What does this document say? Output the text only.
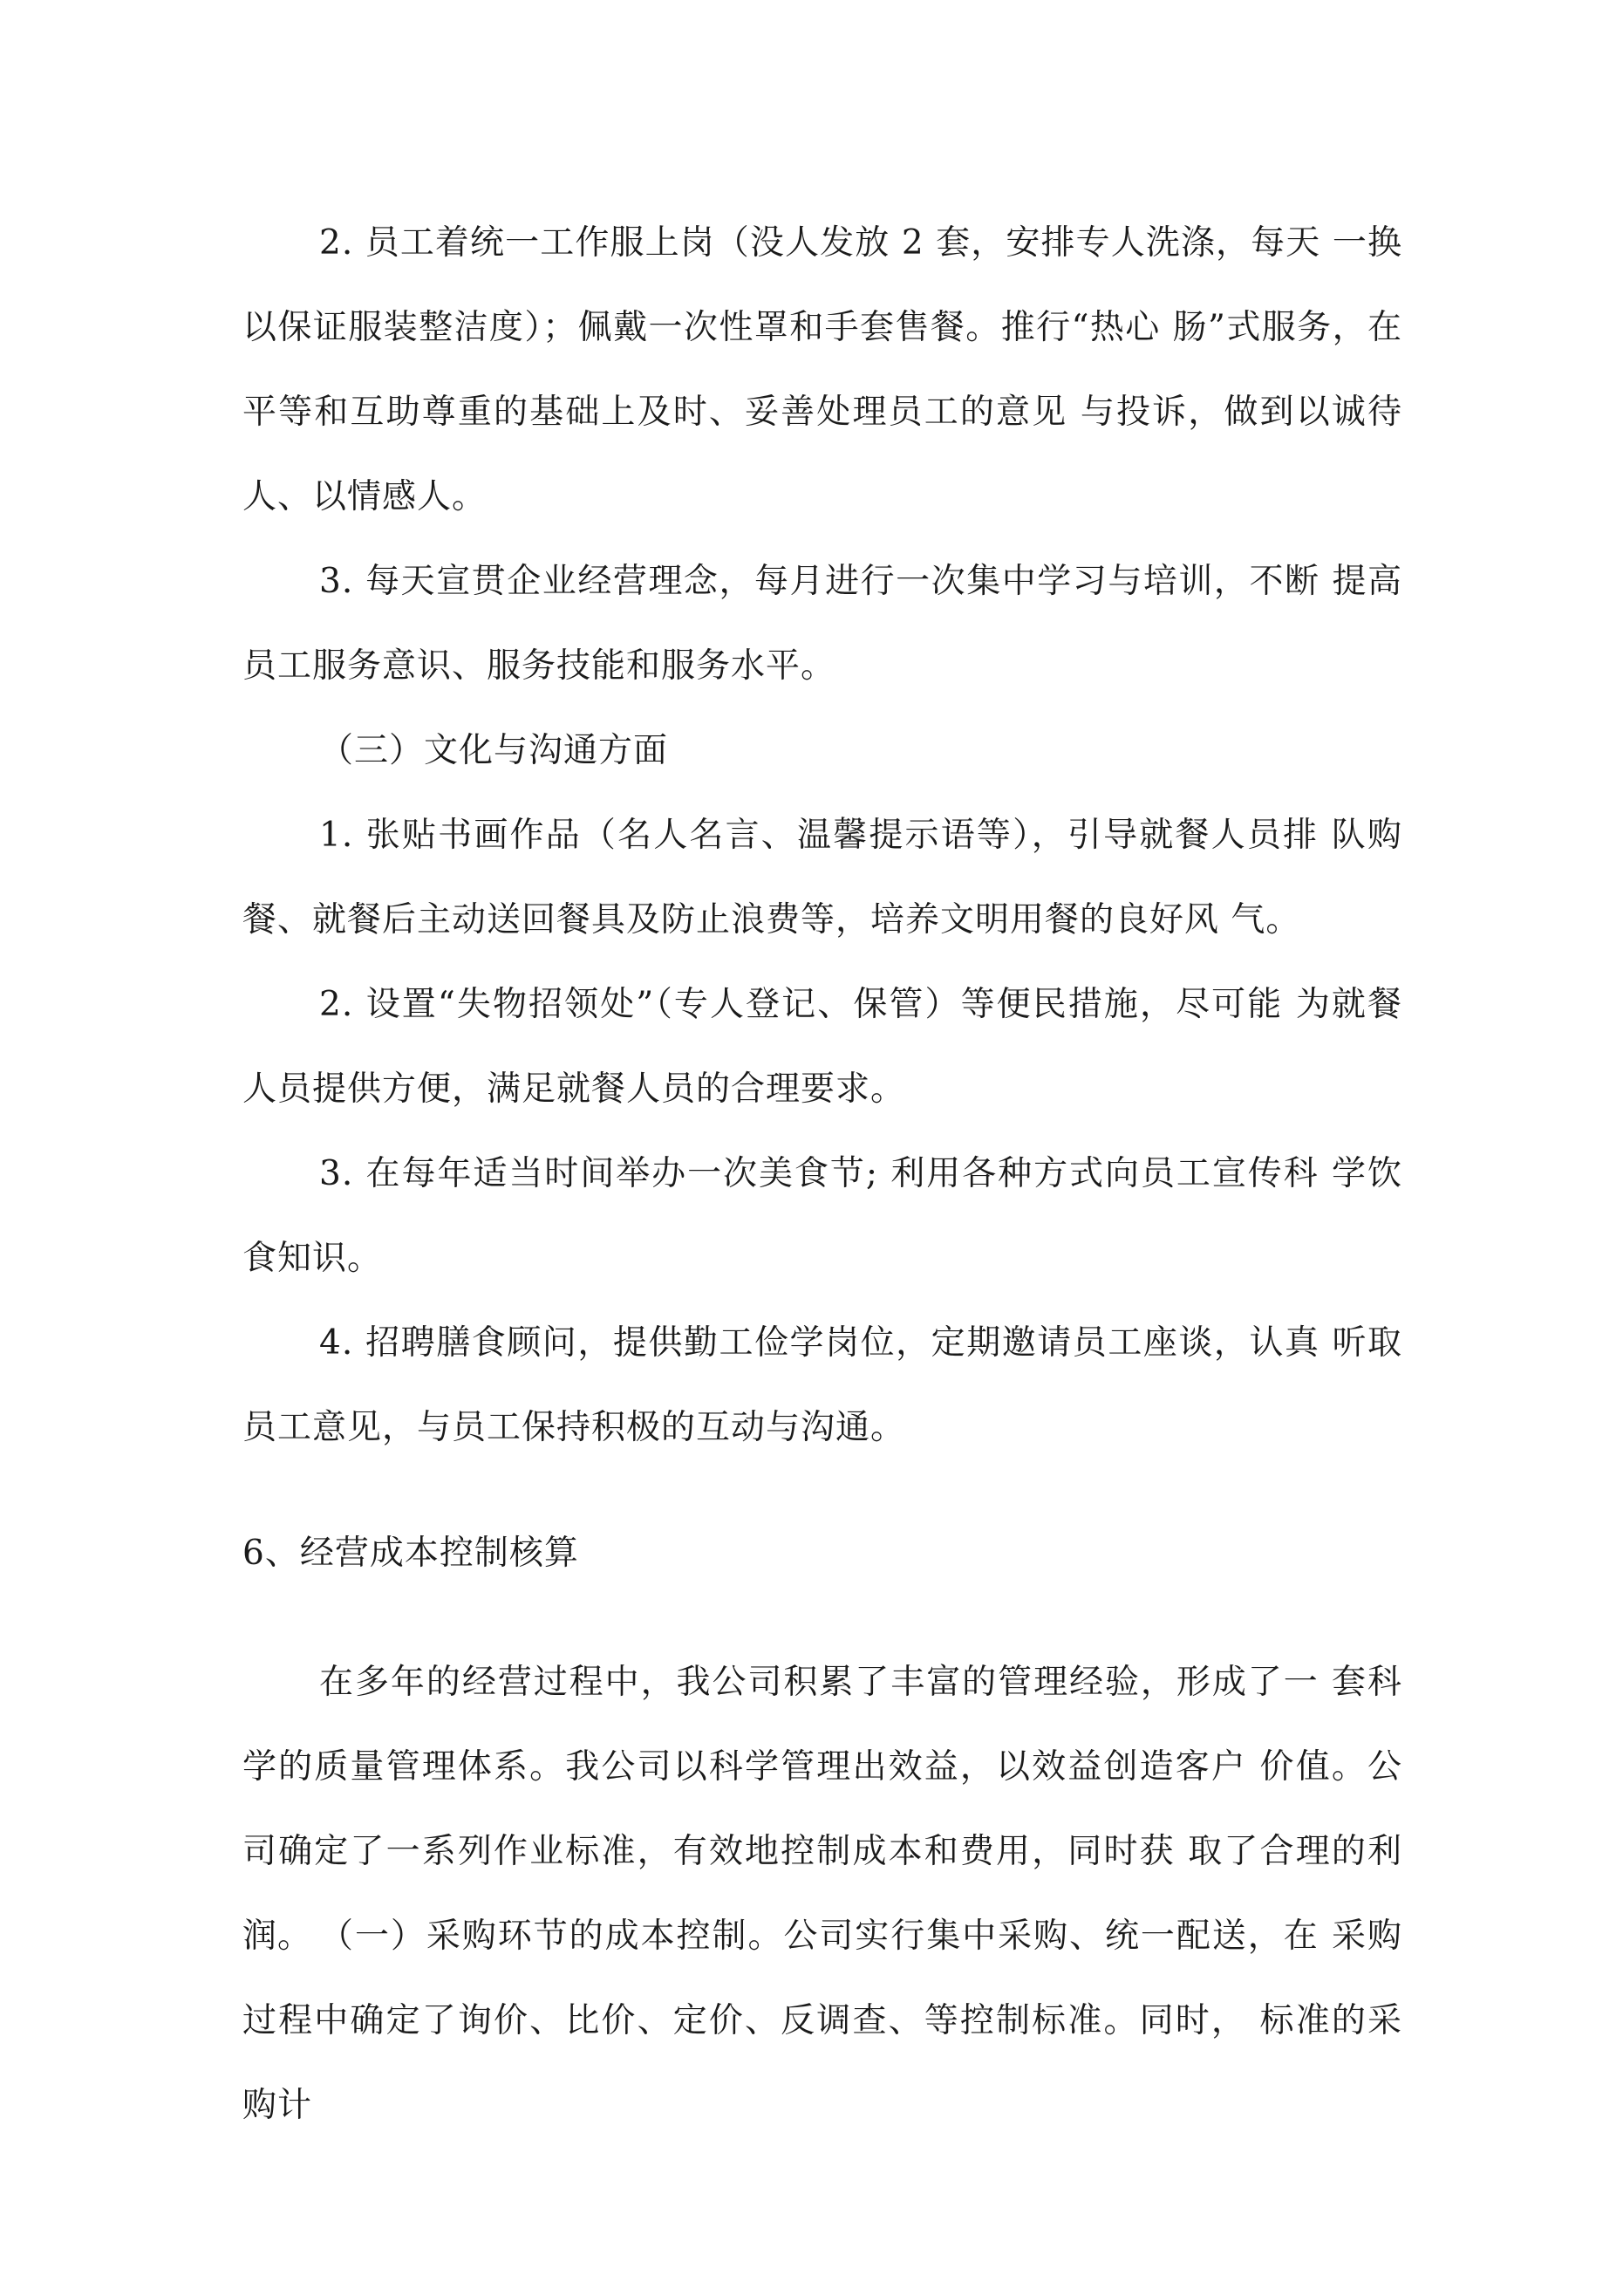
2. 员工着统一工作服上岗（没人发放 2 套，安排专人洗涤，每天 一换以保证服装整洁度）；佩戴一次性罩和手套售餐。推行“热心 肠”式服务，在平等和互助尊重的基础上及时、妥善处理员工的意见 与投诉，做到以诚待人、以情感人。

3. 每天宣贯企业经营理念，每月进行一次集中学习与培训，不断 提高员工服务意识、服务技能和服务水平。

（三）文化与沟通方面

1. 张贴书画作品（名人名言、温馨提示语等），引导就餐人员排 队购餐、就餐后主动送回餐具及防止浪费等，培养文明用餐的良好风 气。

2. 设置“失物招领处”（专人登记、保管）等便民措施，尽可能 为就餐人员提供方便，满足就餐人员的合理要求。

3. 在每年适当时间举办一次美食节; 利用各种方式向员工宣传科 学饮食知识。

4. 招聘膳食顾问，提供勤工俭学岗位，定期邀请员工座谈，认真 听取员工意见，与员工保持积极的互动与沟通。

6、经营成本控制核算

在多年的经营过程中，我公司积累了丰富的管理经验，形成了一 套科学的质量管理体系。我公司以科学管理出效益，以效益创造客户 价值。公司确定了一系列作业标准，有效地控制成本和费用，同时获 取了合理的利润。 （一）采购环节的成本控制。公司实行集中采购、统一配送，在 采购过程中确定了询价、比价、定价、反调查、等控制标准。同时， 标准的采购计
